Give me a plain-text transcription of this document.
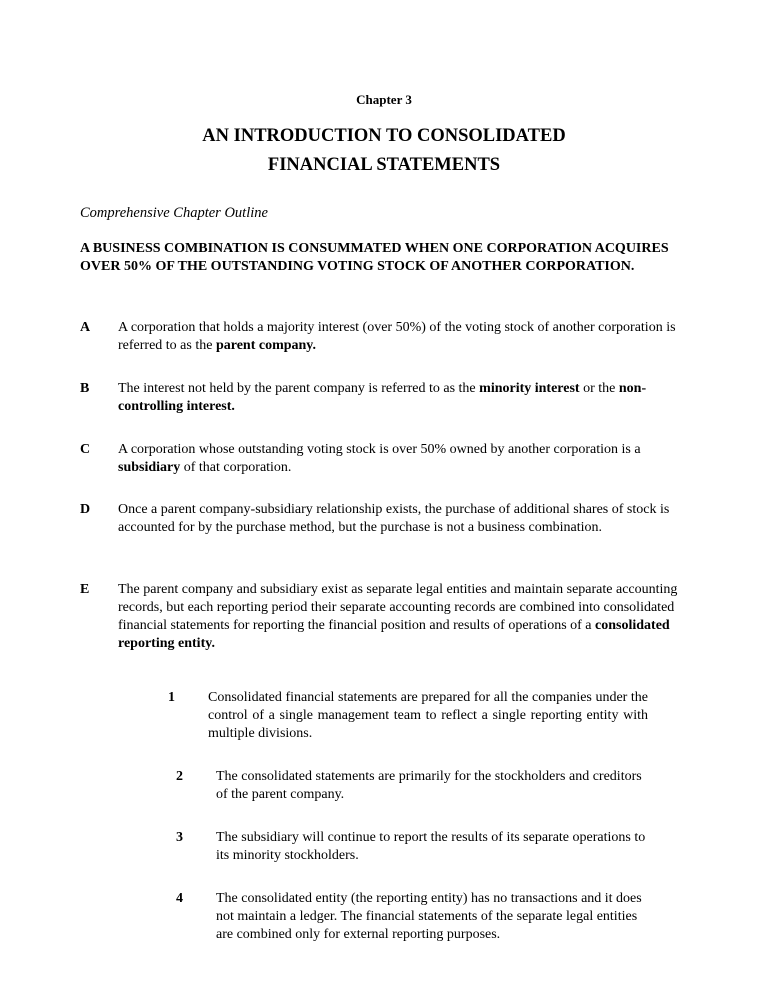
Chapter 3
AN INTRODUCTION TO CONSOLIDATED FINANCIAL STATEMENTS
Comprehensive Chapter Outline

A BUSINESS COMBINATION IS CONSUMMATED WHEN ONE CORPORATION ACQUIRES OVER 50% OF THE OUTSTANDING VOTING STOCK OF ANOTHER CORPORATION.

A A corporation that holds a majority interest (over 50%) of the voting stock of another corporation is referred to as the parent company.

B The interest not held by the parent company is referred to as the minority interest or the non-controlling interest.

C A corporation whose outstanding voting stock is over 50% owned by another corporation is a subsidiary of that corporation.

D Once a parent company-subsidiary relationship exists, the purchase of additional shares of stock is accounted for by the purchase method, but the purchase is not a business combination.

E The parent company and subsidiary exist as separate legal entities and maintain separate accounting records, but each reporting period their separate accounting records are combined into consolidated financial statements for reporting the financial position and results of operations of a consolidated reporting entity.

1 Consolidated financial statements are prepared for all the companies under the control of a single management team to reflect a single reporting entity with multiple divisions.

2 The consolidated statements are primarily for the stockholders and creditors of the parent company.

3 The subsidiary will continue to report the results of its separate operations to its minority stockholders.

4 The consolidated entity (the reporting entity) has no transactions and it does not maintain a ledger. The financial statements of the separate legal entities are combined only for external reporting purposes.
